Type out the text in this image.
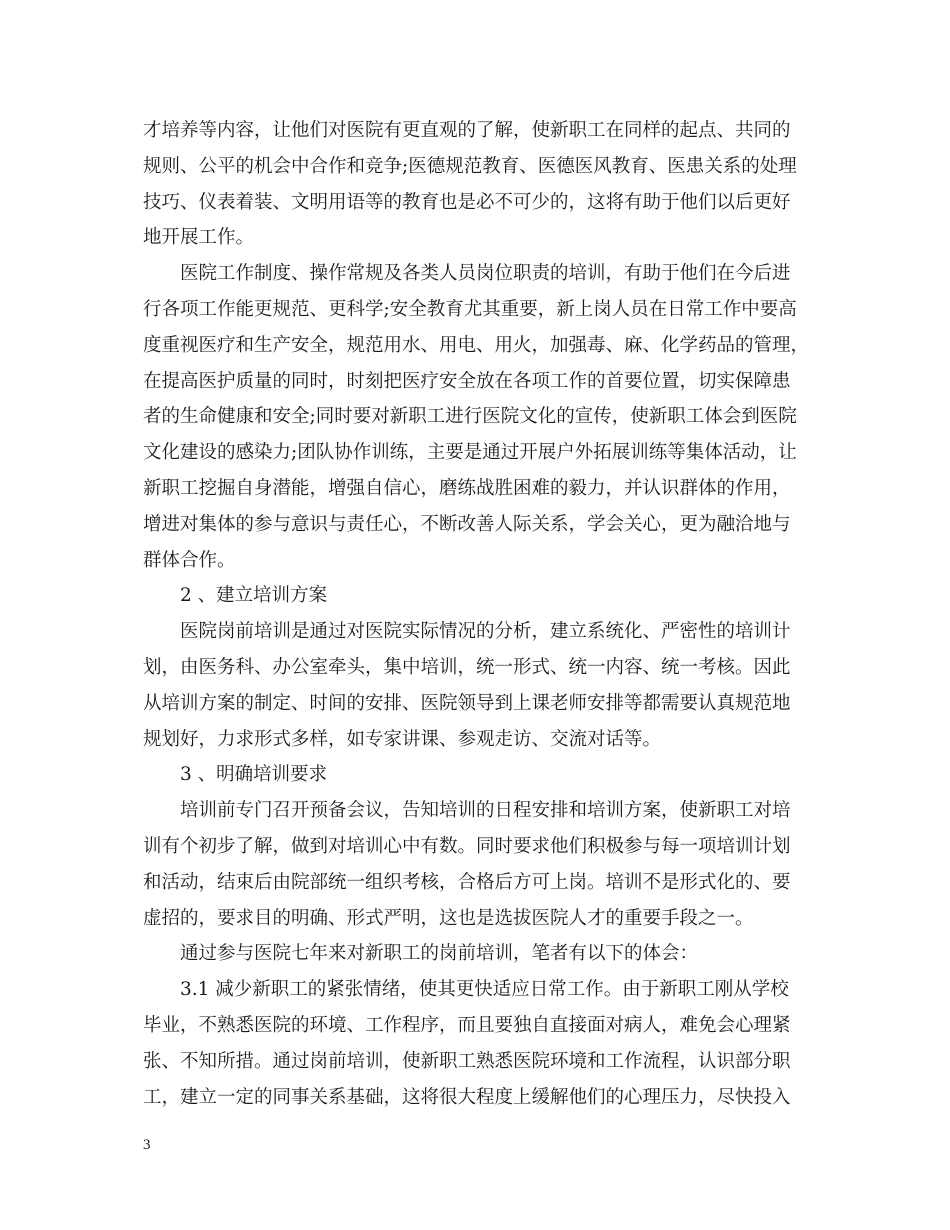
才培养等内容，让他们对医院有更直观的了解，使新职工在同样的起点、共同的
规则、公平的机会中合作和竞争;医德规范教育、医德医风教育、医患关系的处理
技巧、仪表着装、文明用语等的教育也是必不可少的，这将有助于他们以后更好
地开展工作。
医院工作制度、操作常规及各类人员岗位职责的培训，有助于他们在今后进
行各项工作能更规范、更科学;安全教育尤其重要，新上岗人员在日常工作中要高
度重视医疗和生产安全，规范用水、用电、用火，加强毒、麻、化学药品的管理，
在提高医护质量的同时，时刻把医疗安全放在各项工作的首要位置，切实保障患
者的生命健康和安全;同时要对新职工进行医院文化的宣传，使新职工体会到医院
文化建设的感染力;团队协作训练，主要是通过开展户外拓展训练等集体活动，让
新职工挖掘自身潜能，增强自信心，磨练战胜困难的毅力，并认识群体的作用，
增进对集体的参与意识与责任心，不断改善人际关系，学会关心，更为融洽地与
群体合作。
2 、建立培训方案
医院岗前培训是通过对医院实际情况的分析，建立系统化、严密性的培训计
划，由医务科、办公室牵头，集中培训，统一形式、统一内容、统一考核。因此
从培训方案的制定、时间的安排、医院领导到上课老师安排等都需要认真规范地
规划好，力求形式多样，如专家讲课、参观走访、交流对话等。
3 、明确培训要求
培训前专门召开预备会议，告知培训的日程安排和培训方案，使新职工对培
训有个初步了解，做到对培训心中有数。同时要求他们积极参与每一项培训计划
和活动，结束后由院部统一组织考核，合格后方可上岗。培训不是形式化的、要
虚招的，要求目的明确、形式严明，这也是选拔医院人才的重要手段之一。
通过参与医院七年来对新职工的岗前培训，笔者有以下的体会：
3.1 减少新职工的紧张情绪，使其更快适应日常工作。由于新职工刚从学校
毕业，不熟悉医院的环境、工作程序，而且要独自直接面对病人，难免会心理紧
张、不知所措。通过岗前培训，使新职工熟悉医院环境和工作流程，认识部分职
工，建立一定的同事关系基础，这将很大程度上缓解他们的心理压力，尽快投入
3
